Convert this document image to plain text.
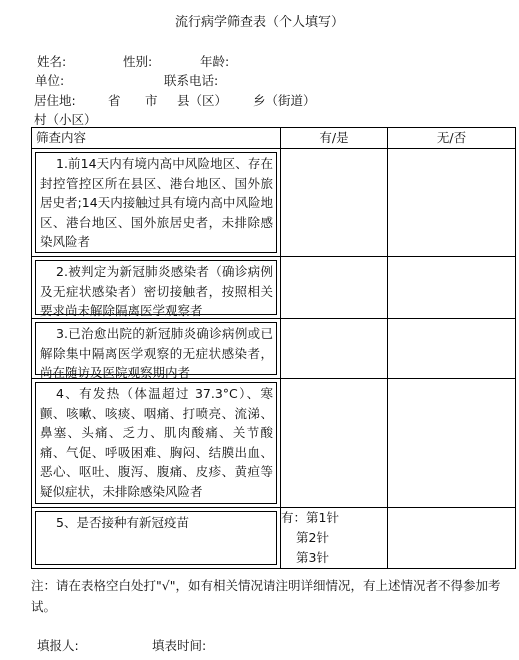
流行病学筛查表（个人填写）
姓名:	性别:	年龄:
单位:	联系电话:
居住地:	省 市 县（区） 乡（街道）
村（小区）
筛查内容	有/是	无/否

1.前14天内有境内高中风险地区、存在封控管控区所在县区、港台地区、国外旅居史者;14天内接触过具有境内高中风险地区、港台地区、国外旅居史者，未排除感染风险者		

2.被判定为新冠肺炎感染者（确诊病例及无症状感染者）密切接触者，按照相关要求尚未解除隔离医学观察者		

3.已治愈出院的新冠肺炎确诊病例或已解除集中隔离医学观察的无症状感染者，尚在随访及医院观察期内者		

4、有发热（体温超过 37.3°C）、寒颤、咳嗽、咳痰、咽痛、打喷亮、流涕、鼻塞、头痛、乏力、肌肉酸痛、关节酸痛、气促、呼吸困难、胸闷、结膜出血、恶心、呕吐、腹泻、腹痛、皮疹、黄疸等疑似症状，未排除感染风险者		

5、是否接种有新冠疫苗	有：第1针
第2针
第3针	

注：请在表格空白处打"√"，如有相关情况请注明详细情况，有上述情况者不得参加考试。
填报人:	填表时间:
